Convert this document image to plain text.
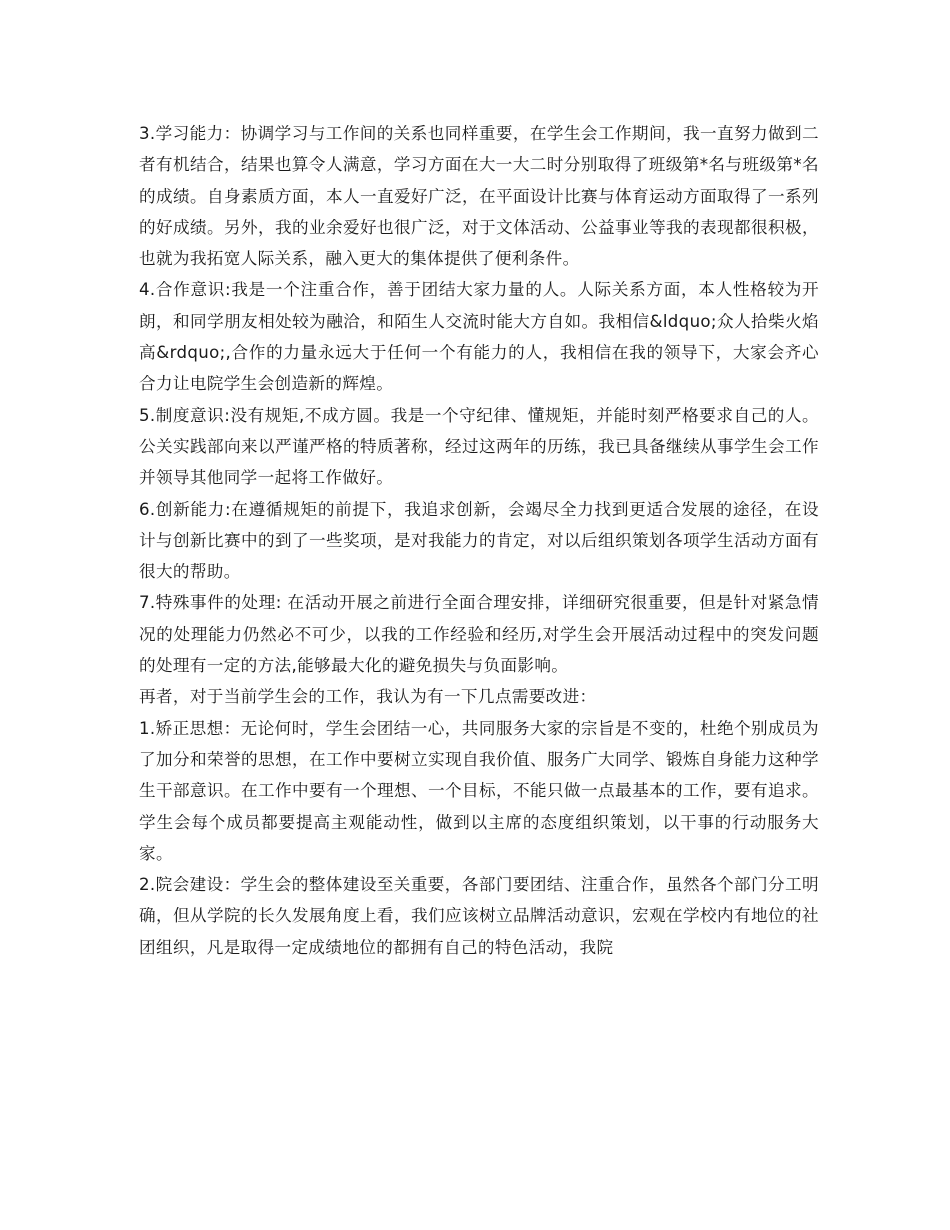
3.学习能力：协调学习与工作间的关系也同样重要，在学生会工作期间，我一直努力做到二者有机结合，结果也算令人满意，学习方面在大一大二时分别取得了班级第*名与班级第*名的成绩。自身素质方面，本人一直爱好广泛，在平面设计比赛与体育运动方面取得了一系列的好成绩。另外，我的业余爱好也很广泛，对于文体活动、公益事业等我的表现都很积极，也就为我拓宽人际关系，融入更大的集体提供了便利条件。

4.合作意识:我是一个注重合作，善于团结大家力量的人。人际关系方面，本人性格较为开朗，和同学朋友相处较为融洽，和陌生人交流时能大方自如。我相信&ldquo;众人拾柴火焰高&rdquo;,合作的力量永远大于任何一个有能力的人，我相信在我的领导下，大家会齐心合力让电院学生会创造新的辉煌。

5.制度意识:没有规矩,不成方圆。我是一个守纪律、懂规矩，并能时刻严格要求自己的人。公关实践部向来以严谨严格的特质著称，经过这两年的历练，我已具备继续从事学生会工作并领导其他同学一起将工作做好。

6.创新能力:在遵循规矩的前提下，我追求创新，会竭尽全力找到更适合发展的途径，在设计与创新比赛中的到了一些奖项，是对我能力的肯定，对以后组织策划各项学生活动方面有很大的帮助。

7.特殊事件的处理: 在活动开展之前进行全面合理安排，详细研究很重要，但是针对紧急情况的处理能力仍然必不可少，以我的工作经验和经历,对学生会开展活动过程中的突发问题的处理有一定的方法,能够最大化的避免损失与负面影响。

再者，对于当前学生会的工作，我认为有一下几点需要改进：

1.矫正思想：无论何时，学生会团结一心，共同服务大家的宗旨是不变的，杜绝个别成员为了加分和荣誉的思想，在工作中要树立实现自我价值、服务广大同学、锻炼自身能力这种学生干部意识。在工作中要有一个理想、一个目标，不能只做一点最基本的工作，要有追求。学生会每个成员都要提高主观能动性，做到以主席的态度组织策划，以干事的行动服务大家。

2.院会建设：学生会的整体建设至关重要，各部门要团结、注重合作，虽然各个部门分工明确，但从学院的长久发展角度上看，我们应该树立品牌活动意识，宏观在学校内有地位的社团组织，凡是取得一定成绩地位的都拥有自己的特色活动，我院
